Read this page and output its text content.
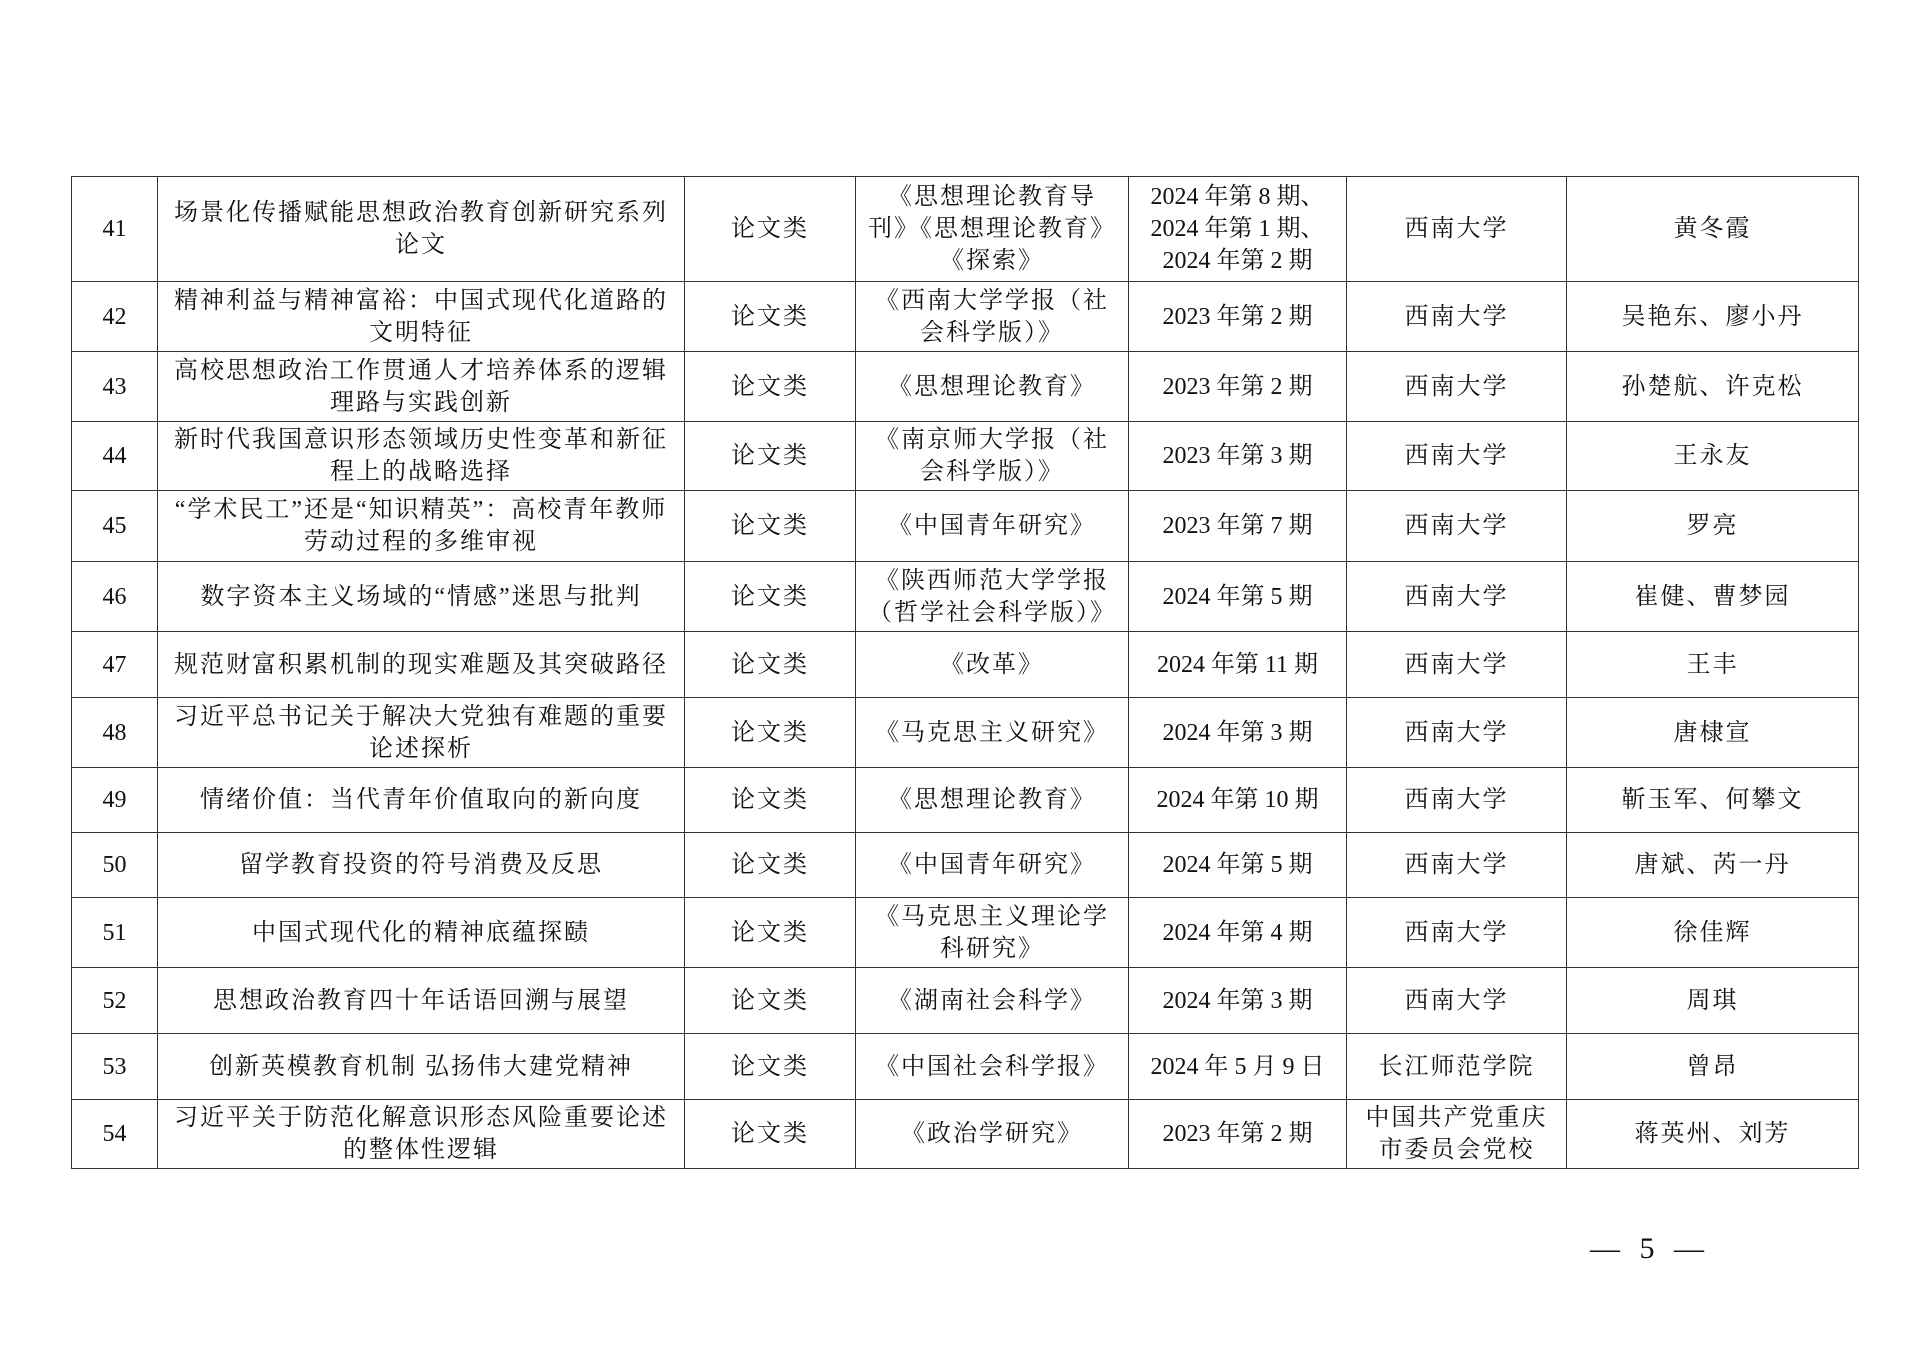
41	场景化传播赋能思想政治教育创新研究系列论文	论文类	《思想理论教育导
刊》《思想理论教育》
《探索》	2024 年第 8 期、
2024 年第 1 期、
2024 年第 2 期	西南大学	黄冬霞
42	精神利益与精神富裕：中国式现代化道路的文明特征	论文类	《西南大学学报（社
会科学版）》	2023 年第 2 期	西南大学	吴艳东、廖小丹
43	高校思想政治工作贯通人才培养体系的逻辑理路与实践创新	论文类	《思想理论教育》	2023 年第 2 期	西南大学	孙楚航、许克松
44	新时代我国意识形态领域历史性变革和新征程上的战略选择	论文类	《南京师大学报（社
会科学版）》	2023 年第 3 期	西南大学	王永友
45	“学术民工”还是“知识精英”：高校青年教师劳动过程的多维审视	论文类	《中国青年研究》	2023 年第 7 期	西南大学	罗亮
46	数字资本主义场域的“情感”迷思与批判	论文类	《陕西师范大学学报
（哲学社会科学版）》	2024 年第 5 期	西南大学	崔健、曹梦园
47	规范财富积累机制的现实难题及其突破路径	论文类	《改革》	2024 年第 11 期	西南大学	王丰
48	习近平总书记关于解决大党独有难题的重要论述探析	论文类	《马克思主义研究》	2024 年第 3 期	西南大学	唐棣宣
49	情绪价值：当代青年价值取向的新向度	论文类	《思想理论教育》	2024 年第 10 期	西南大学	靳玉军、何攀文
50	留学教育投资的符号消费及反思	论文类	《中国青年研究》	2024 年第 5 期	西南大学	唐斌、芮一丹
51	中国式现代化的精神底蕴探赜	论文类	《马克思主义理论学
科研究》	2024 年第 4 期	西南大学	徐佳辉
52	思想政治教育四十年话语回溯与展望	论文类	《湖南社会科学》	2024 年第 3 期	西南大学	周琪
53	创新英模教育机制 弘扬伟大建党精神	论文类	《中国社会科学报》	2024 年 5 月 9 日	长江师范学院	曾昂
54	习近平关于防范化解意识形态风险重要论述的整体性逻辑	论文类	《政治学研究》	2023 年第 2 期	中国共产党重庆
市委员会党校	蒋英州、刘芳
— 5 —
